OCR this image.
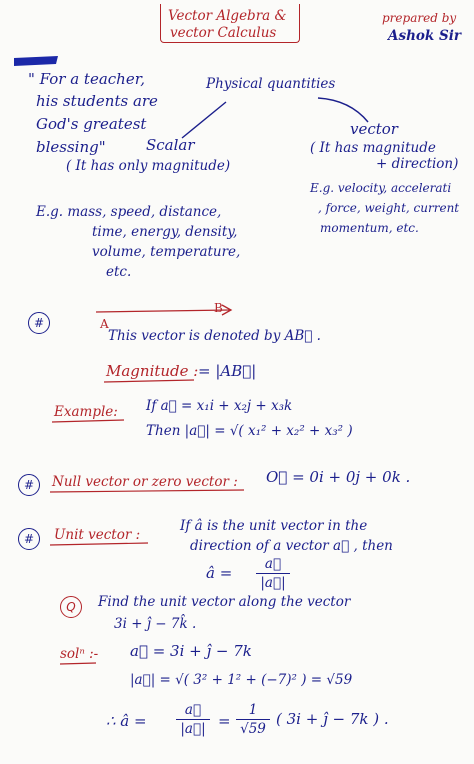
Vector Algebra &
vector Calculus
prepared by
Ashok Sir
" For a teacher,
his students are
God's greatest
blessing"
Physical quantities
Scalar
( It has only magnitude)
vector
( It has magnitude
+ direction)
E.g. mass, speed, distance,
time, energy, density,
volume, temperature,
etc.
E.g. velocity, accelerati
, force, weight, current
momentum, etc.
#	A
B
This vector is denoted by AB⃗ .
Magnitude : = |AB⃗|
Example: If a⃗ = x₁i + x₂j + x₃k
Then |a⃗| = √( x₁² + x₂² + x₃² )
#	Null vector or zero vector : O⃗ = 0i + 0j + 0k .
#	Unit vector :
If â is the unit vector in the
direction of a vector a⃗ , then
â =	a⃗
|a⃗|
Q	Find the unit vector along the vector
3i + ĵ − 7k̂ .
solⁿ :- a⃗ = 3i + ĵ − 7k
|a⃗| = √( 3² + 1² + (−7)² ) = √59
∴ â =
a⃗
|a⃗| =
1
√59
( 3i + ĵ − 7k ) .
